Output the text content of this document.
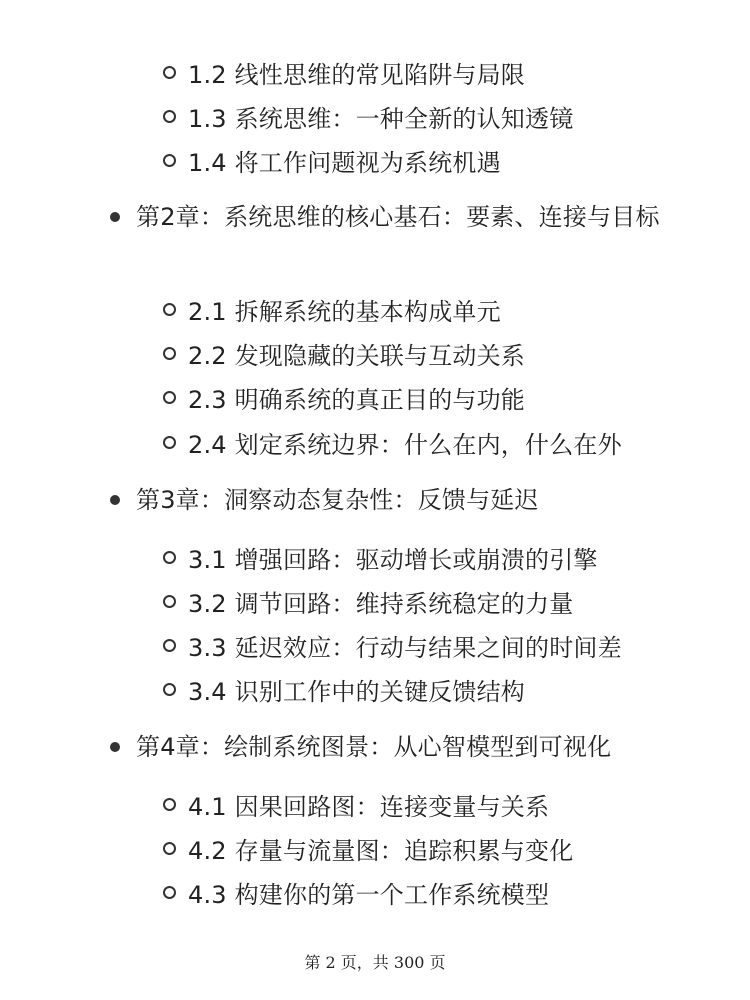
1.2 线性思维的常见陷阱与局限
1.3 系统思维：一种全新的认知透镜
1.4 将工作问题视为系统机遇
第2章：系统思维的核心基石：要素、连接与目标
2.1 拆解系统的基本构成单元
2.2 发现隐藏的关联与互动关系
2.3 明确系统的真正目的与功能
2.4 划定系统边界：什么在内，什么在外
第3章：洞察动态复杂性：反馈与延迟
3.1 增强回路：驱动增长或崩溃的引擎
3.2 调节回路：维持系统稳定的力量
3.3 延迟效应：行动与结果之间的时间差
3.4 识别工作中的关键反馈结构
第4章：绘制系统图景：从心智模型到可视化
4.1 因果回路图：连接变量与关系
4.2 存量与流量图：追踪积累与变化
4.3 构建你的第一个工作系统模型
第 2 页，共 300 页
